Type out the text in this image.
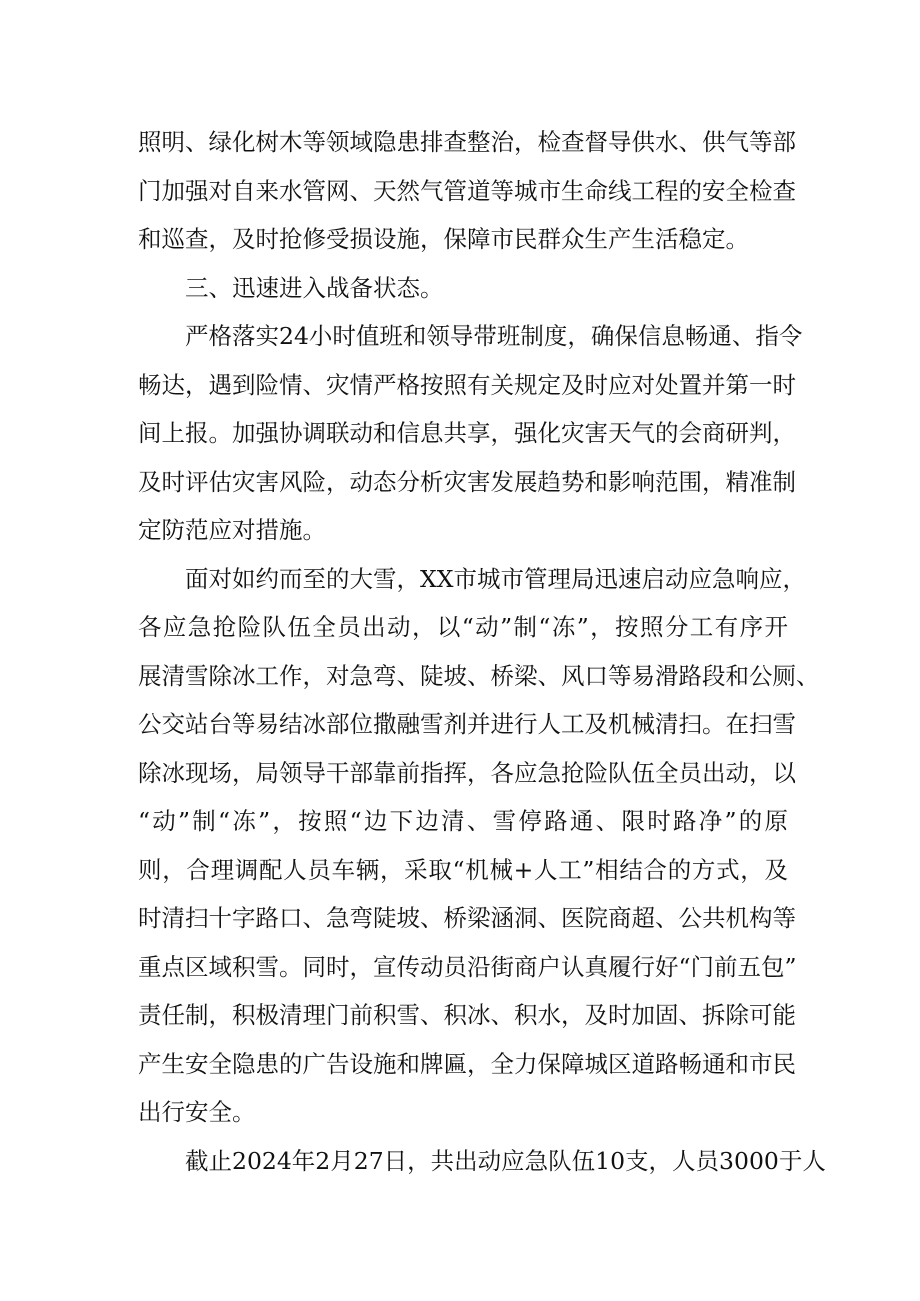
照明、绿化树木等领域隐患排查整治，检查督导供水、供气等部
门加强对自来水管网、天然气管道等城市生命线工程的安全检查
和巡查，及时抢修受损设施，保障市民群众生产生活稳定。
三、迅速进入战备状态。
严格落实24小时值班和领导带班制度，确保信息畅通、指令
畅达，遇到险情、灾情严格按照有关规定及时应对处置并第一时
间上报。加强协调联动和信息共享，强化灾害天气的会商研判，
及时评估灾害风险，动态分析灾害发展趋势和影响范围，精准制
定防范应对措施。
面对如约而至的大雪，XX市城市管理局迅速启动应急响应，
各应急抢险队伍全员出动，以“动”制“冻”，按照分工有序开
展清雪除冰工作，对急弯、陡坡、桥梁、风口等易滑路段和公厕、
公交站台等易结冰部位撒融雪剂并进行人工及机械清扫。在扫雪
除冰现场，局领导干部靠前指挥，各应急抢险队伍全员出动，以
“动”制“冻”，按照“边下边清、雪停路通、限时路净”的原
则，合理调配人员车辆，采取“机械+人工”相结合的方式，及
时清扫十字路口、急弯陡坡、桥梁涵洞、医院商超、公共机构等
重点区域积雪。同时，宣传动员沿街商户认真履行好“门前五包”
责任制，积极清理门前积雪、积冰、积水，及时加固、拆除可能
产生安全隐患的广告设施和牌匾，全力保障城区道路畅通和市民
出行安全。
截止2024年2月27日，共出动应急队伍10支，人员3000于人
